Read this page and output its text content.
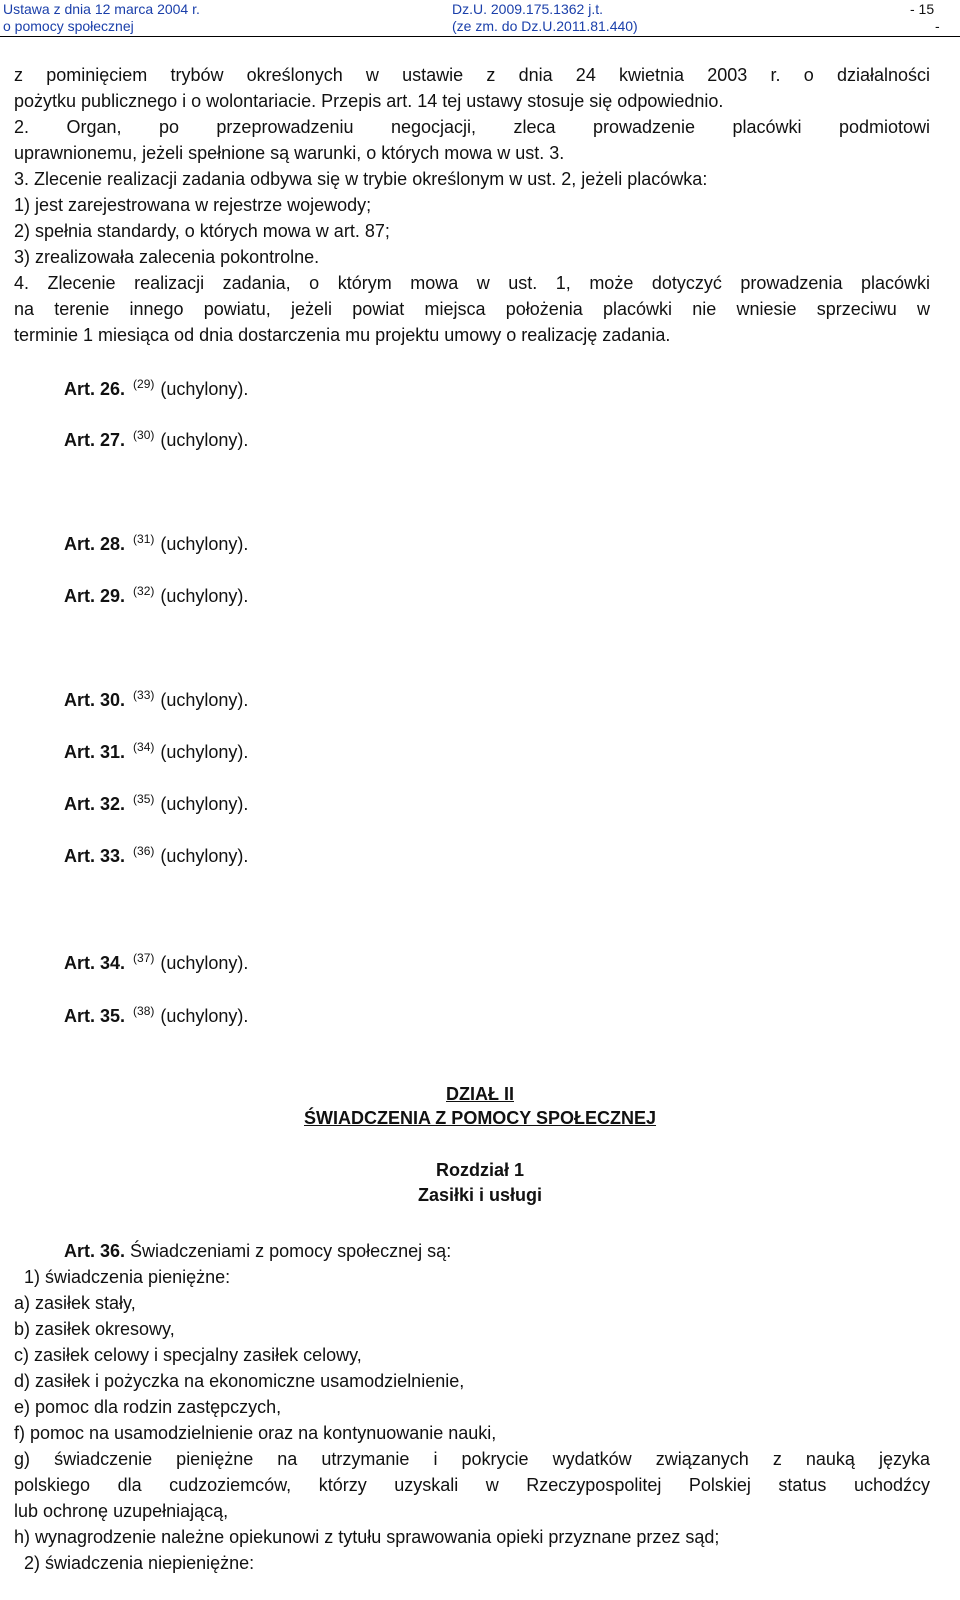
Ustawa z dnia 12 marca 2004 r.
o pomocy społecznej
Dz.U. 2009.175.1362 j.t.
(ze zm. do Dz.U.2011.81.440)
- 15
-
z pominięciem trybów określonych w ustawie z dnia 24 kwietnia 2003 r. o działalności
pożytku publicznego i o wolontariacie. Przepis art. 14 tej ustawy stosuje się odpowiednio.
2. Organ, po przeprowadzeniu negocjacji, zleca prowadzenie placówki podmiotowi
uprawnionemu, jeżeli spełnione są warunki, o których mowa w ust. 3.
3. Zlecenie realizacji zadania odbywa się w trybie określonym w ust. 2, jeżeli placówka:
1) jest zarejestrowana w rejestrze wojewody;
2) spełnia standardy, o których mowa w art. 87;
3) zrealizowała zalecenia pokontrolne.
4. Zlecenie realizacji zadania, o którym mowa w ust. 1, może dotyczyć prowadzenia placówki
na terenie innego powiatu, jeżeli powiat miejsca położenia placówki nie wniesie sprzeciwu w
terminie 1 miesiąca od dnia dostarczenia mu projektu umowy o realizację zadania.
Art. 26. $^{(29)}$ (uchylony).
Art. 27. $^{(30)}$ (uchylony).
Art. 28. $^{(31)}$ (uchylony).
Art. 29. $^{(32)}$ (uchylony).
Art. 30. $^{(33)}$ (uchylony).
Art. 31. $^{(34)}$ (uchylony).
Art. 32. $^{(35)}$ (uchylony).
Art. 33. $^{(36)}$ (uchylony).
Art. 34. $^{(37)}$ (uchylony).
Art. 35. $^{(38)}$ (uchylony).
DZIAŁ II
ŚWIADCZENIA Z POMOCY SPOŁECZNEJ
Rozdział 1
Zasiłki i usługi
Art. 36. Świadczeniami z pomocy społecznej są:
1) świadczenia pieniężne:
a) zasiłek stały,
b) zasiłek okresowy,
c) zasiłek celowy i specjalny zasiłek celowy,
d) zasiłek i pożyczka na ekonomiczne usamodzielnienie,
e) pomoc dla rodzin zastępczych,
f) pomoc na usamodzielnienie oraz na kontynuowanie nauki,
g) świadczenie pieniężne na utrzymanie i pokrycie wydatków związanych z nauką języka
polskiego dla cudzoziemców, którzy uzyskali w Rzeczypospolitej Polskiej status uchodźcy
lub ochronę uzupełniającą,
h) wynagrodzenie należne opiekunowi z tytułu sprawowania opieki przyznane przez sąd;
2) świadczenia niepieniężne:
